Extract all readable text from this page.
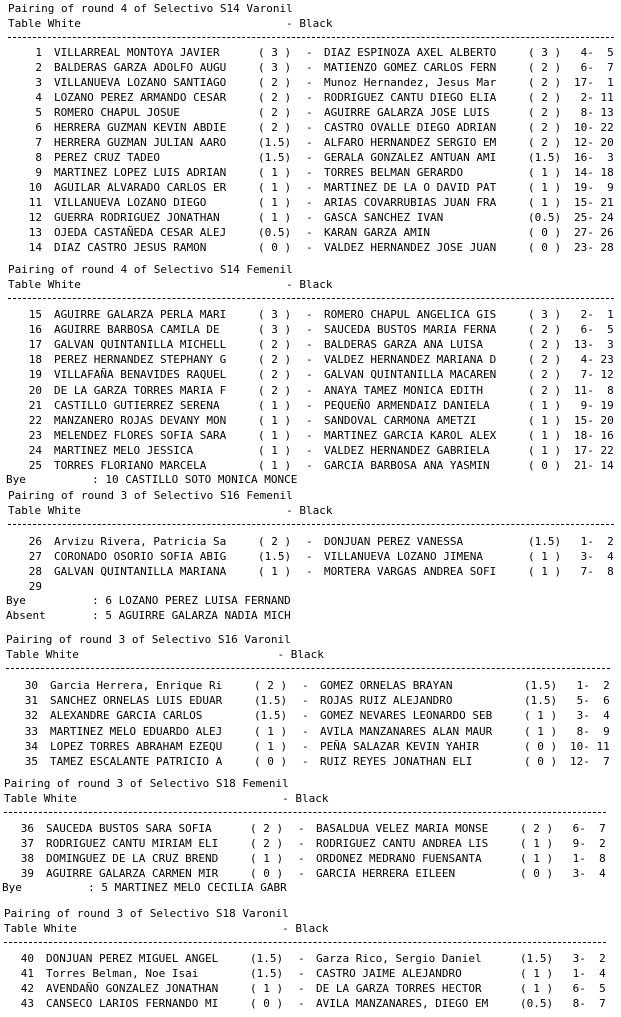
Pairing of round 4 of Selectivo S14 Varonil
Table White                               - Black
1 VILLARREAL MONTOYA JAVIER	( 3 )	DIAZ ESPINOZA AXEL ALBERTO	( 3 )	4-  5
-
2 BALDERAS GARZA ADOLFO AUGU	( 3 )	MATIENZO GOMEZ CARLOS FERN	( 2 )	6-  7
-
3 VILLANUEVA LOZANO SANTIAGO	( 2 )	Munoz Hernandez, Jesus Mar	( 2 )	17-  1
-
4 LOZANO PEREZ ARMANDO CESAR	( 2 )	RODRIGUEZ CANTU DIEGO ELIA	( 2 )	2- 11
-
5 ROMERO CHAPUL JOSUE	( 2 )	AGUIRRE GALARZA JOSE LUIS	( 2 )	8- 13
-
6 HERRERA GUZMAN KEVIN ABDIE	( 2 )	CASTRO OVALLE DIEGO ADRIAN	( 2 )	10- 22
-
7 HERRERA GUZMAN JULIAN AARO	(1.5)	ALFARO HERNANDEZ SERGIO EM	( 2 )	12- 20
-
8 PEREZ CRUZ TADEO	(1.5)	GERALA GONZALEZ ANTUAN AMI	(1.5)	16-  3
-
9 MARTINEZ LOPEZ LUIS ADRIAN	( 1 )	TORRES BELMAN GERARDO	( 1 )	14- 18
-
10 AGUILAR ALVARADO CARLOS ER	( 1 )	MARTINEZ DE LA O DAVID PAT	( 1 )	19-  9
-
11 VILLANUEVA LOZANO DIEGO	( 1 )	ARIAS COVARRUBIAS JUAN FRA	( 1 )	15- 21
-
12 GUERRA RODRIGUEZ JONATHAN	( 1 )	GASCA SANCHEZ IVAN	(0.5)	25- 24
-
13 OJEDA CASTAÑEDA CESAR ALEJ	(0.5)	KARAN GARZA AMIN	( 0 )	27- 26
-
14 DIAZ CASTRO JESUS RAMON	( 0 )	VALDEZ HERNANDEZ JOSE JUAN	( 0 )	23- 28
-
Pairing of round 4 of Selectivo S14 Femenil
Table White                               - Black
15 AGUIRRE GALARZA PERLA MARI	( 3 )	ROMERO CHAPUL ANGELICA GIS	( 3 )	2-  1
-
16 AGUIRRE BARBOSA CAMILA DE	( 3 )	SAUCEDA BUSTOS MARIA FERNA	( 2 )	6-  5
-
17 GALVAN QUINTANILLA MICHELL	( 2 )	BALDERAS GARZA ANA LUISA	( 2 )	13-  3
-
18 PEREZ HERNANDEZ STEPHANY G	( 2 )	VALDEZ HERNANDEZ MARIANA D	( 2 )	4- 23
-
19 VILLAFAÑA BENAVIDES RAQUEL	( 2 )	GALVAN QUINTANILLA MACAREN	( 2 )	7- 12
-
20 DE LA GARZA TORRES MARIA F	( 2 )	ANAYA TAMEZ MONICA EDITH	( 2 )	11-  8
-
21 CASTILLO GUTIERREZ SERENA	( 1 )	PEQUEÑO ARMENDAIZ DANIELA	( 1 )	9- 19
-
22 MANZANERO ROJAS DEVANY MON	( 1 )	SANDOVAL CARMONA AMETZI	( 1 )	15- 20
-
23 MELENDEZ FLORES SOFIA SARA	( 1 )	MARTINEZ GARCIA KAROL ALEX	( 1 )	18- 16
-
24 MARTINEZ MELO JESSICA	( 1 )	VALDEZ HERNANDEZ GABRIELA	( 1 )	17- 22
-
25 TORRES FLORIANO MARCELA	( 1 )	GARCIA BARBOSA ANA YASMIN	( 0 )	21- 14
-
Bye          : 10 CASTILLO SOTO MONICA MONCE
Pairing of round 3 of Selectivo S16 Femenil
Table White                               - Black
26 Arvizu Rivera, Patricia Sa	( 2 )	DONJUAN PEREZ VANESSA	(1.5)	1-  2
-
27 CORONADO OSORIO SOFIA ABIG	(1.5)	VILLANUEVA LOZANO JIMENA	( 1 )	3-  4
-
28 GALVAN QUINTANILLA MARIANA	( 1 )	MORTERA VARGAS ANDREA SOFI	( 1 )	7-  8
-
29
Bye          : 6 LOZANO PEREZ LUISA FERNAND
Absent       : 5 AGUIRRE GALARZA NADIA MICH
Pairing of round 3 of Selectivo S16 Varonil
Table White                              - Black
30 Garcia Herrera, Enrique Ri	( 2 )	GOMEZ ORNELAS BRAYAN	(1.5)	1-  2
-
31 SANCHEZ ORNELAS LUIS EDUAR	(1.5)	ROJAS RUIZ ALEJANDRO	(1.5)	5-  6
-
32 ALEXANDRE GARCIA CARLOS	(1.5)	GOMEZ NEVARES LEONARDO SEB	( 1 )	3-  4
-
33 MARTINEZ MELO EDUARDO ALEJ	( 1 )	AVILA MANZANARES ALAN MAUR	( 1 )	8-  9
-
34 LOPEZ TORRES ABRAHAM EZEQU	( 1 )	PEÑA SALAZAR KEVIN YAHIR	( 0 )	10- 11
-
35 TAMEZ ESCALANTE PATRICIO A	( 0 )	RUIZ REYES JONATHAN ELI	( 0 )	12-  7
-
Pairing of round 3 of Selectivo S18 Femenil
Table White                               - Black
36 SAUCEDA BUSTOS SARA SOFIA	( 2 )	BASALDUA VELEZ MARIA MONSE	( 2 )	6-  7
-
37 RODRIGUEZ CANTU MIRIAM ELI	( 2 )	RODRIGUEZ CANTU ANDREA LIS	( 1 )	9-  2
-
38 DOMINGUEZ DE LA CRUZ BREND	( 1 )	ORDONEZ MEDRANO FUENSANTA	( 1 )	1-  8
-
39 AGUIRRE GALARZA CARMEN MIR	( 0 )	GARCIA HERRERA EILEEN	( 0 )	3-  4
-
Bye          : 5 MARTINEZ MELO CECILIA GABR
Pairing of round 3 of Selectivo S18 Varonil
Table White                               - Black
40 DONJUAN PEREZ MIGUEL ANGEL	(1.5)	Garza Rico, Sergio Daniel	(1.5)	3-  2
-
41 Torres Belman, Noe Isai	(1.5)	CASTRO JAIME ALEJANDRO	( 1 )	1-  4
-
42 AVENDAÑO GONZALEZ JONATHAN	( 1 )	DE LA GARZA TORRES HECTOR	( 1 )	6-  5
-
43 CANSECO LARIOS FERNANDO MI	( 0 )	AVILA MANZANARES, DIEGO EM	(0.5)	8-  7
-
